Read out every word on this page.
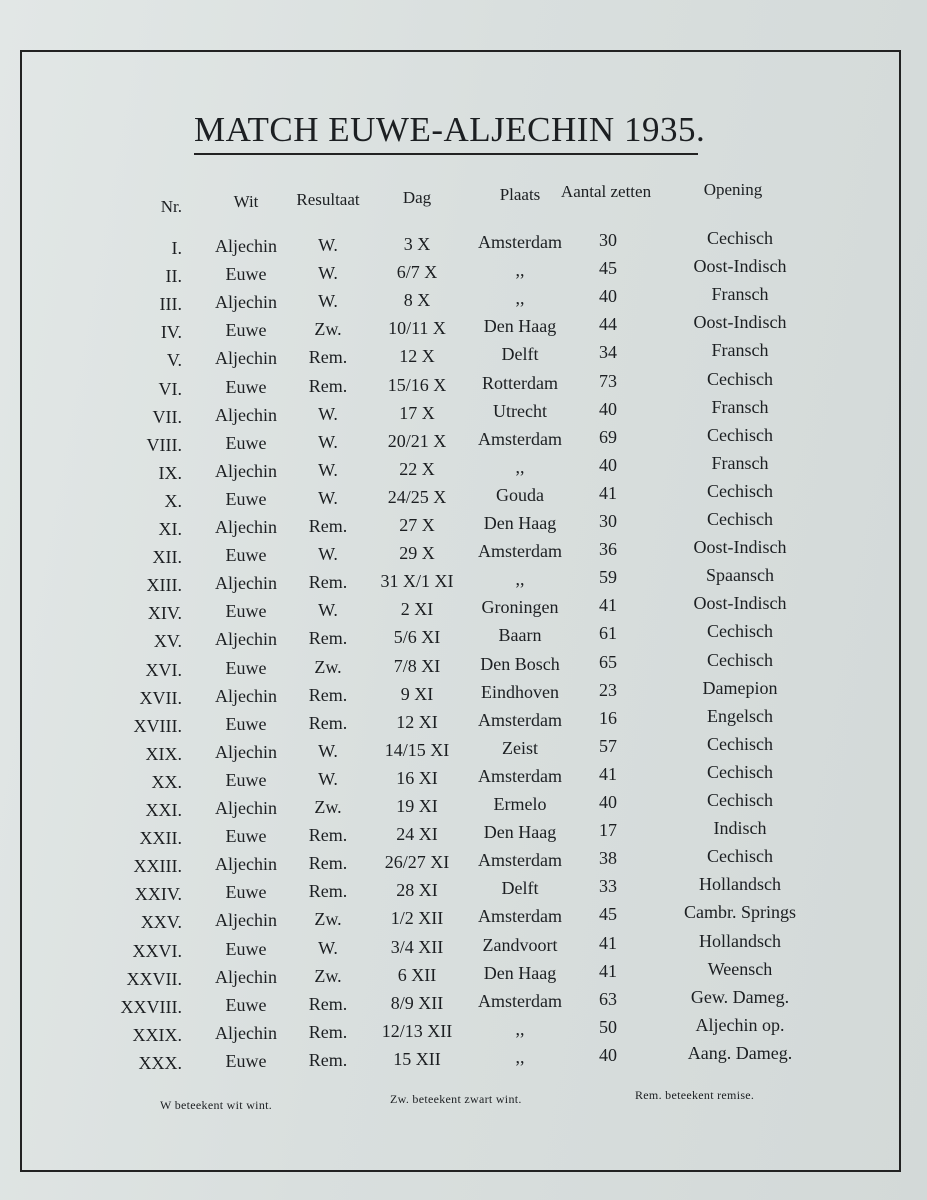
MATCH EUWE-ALJECHIN 1935.
Nr.	Wit	Resultaat	Dag	Plaats	Aantal zetten	Opening
I.	Aljechin	W.	3 X	Amsterdam	30	Cechisch
II.	Euwe	W.	6/7 X	,,	45	Oost-Indisch
III.	Aljechin	W.	8 X	,,	40	Fransch
IV.	Euwe	Zw.	10/11 X	Den Haag	44	Oost-Indisch
V.	Aljechin	Rem.	12 X	Delft	34	Fransch
VI.	Euwe	Rem.	15/16 X	Rotterdam	73	Cechisch
VII.	Aljechin	W.	17 X	Utrecht	40	Fransch
VIII.	Euwe	W.	20/21 X	Amsterdam	69	Cechisch
IX.	Aljechin	W.	22 X	,,	40	Fransch
X.	Euwe	W.	24/25 X	Gouda	41	Cechisch
XI.	Aljechin	Rem.	27 X	Den Haag	30	Cechisch
XII.	Euwe	W.	29 X	Amsterdam	36	Oost-Indisch
XIII.	Aljechin	Rem.	31 X/1 XI	,,	59	Spaansch
XIV.	Euwe	W.	2 XI	Groningen	41	Oost-Indisch
XV.	Aljechin	Rem.	5/6 XI	Baarn	61	Cechisch
XVI.	Euwe	Zw.	7/8 XI	Den Bosch	65	Cechisch
XVII.	Aljechin	Rem.	9 XI	Eindhoven	23	Damepion
XVIII.	Euwe	Rem.	12 XI	Amsterdam	16	Engelsch
XIX.	Aljechin	W.	14/15 XI	Zeist	57	Cechisch
XX.	Euwe	W.	16 XI	Amsterdam	41	Cechisch
XXI.	Aljechin	Zw.	19 XI	Ermelo	40	Cechisch
XXII.	Euwe	Rem.	24 XI	Den Haag	17	Indisch
XXIII.	Aljechin	Rem.	26/27 XI	Amsterdam	38	Cechisch
XXIV.	Euwe	Rem.	28 XI	Delft	33	Hollandsch
XXV.	Aljechin	Zw.	1/2 XII	Amsterdam	45	Cambr. Springs
XXVI.	Euwe	W.	3/4 XII	Zandvoort	41	Hollandsch
XXVII.	Aljechin	Zw.	6 XII	Den Haag	41	Weensch
XXVIII.	Euwe	Rem.	8/9 XII	Amsterdam	63	Gew. Dameg.
XXIX.	Aljechin	Rem.	12/13 XII	,,	50	Aljechin op.
XXX.	Euwe	Rem.	15 XII	,,	40	Aang. Dameg.
W beteekent wit wint.	Zw. beteekent zwart wint.	Rem. beteekent remise.
